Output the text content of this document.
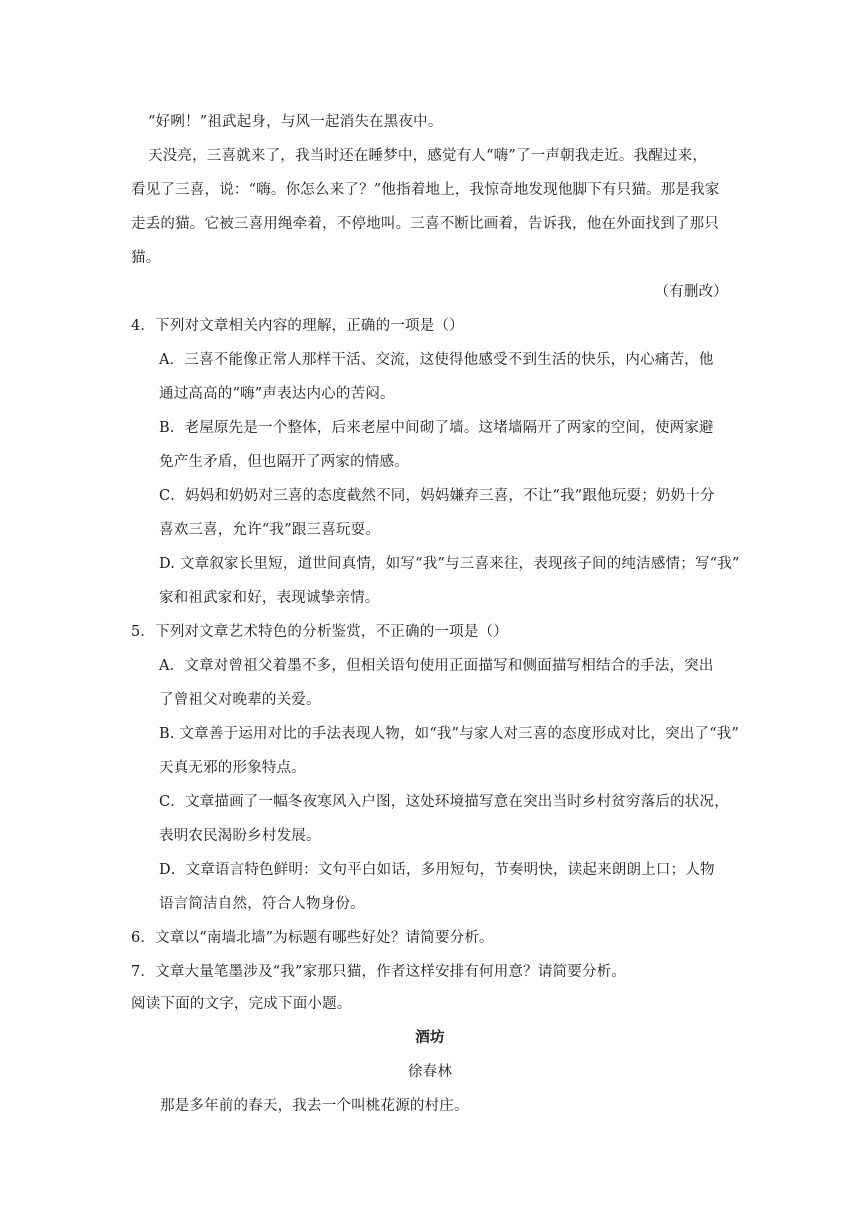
“好咧！”祖武起身，与风一起消失在黑夜中。
天没亮，三喜就来了，我当时还在睡梦中，感觉有人“嗨”了一声朝我走近。我醒过来，
看见了三喜，说：“嗨。你怎么来了？”他指着地上，我惊奇地发现他脚下有只猫。那是我家
走丢的猫。它被三喜用绳牵着，不停地叫。三喜不断比画着，告诉我，他在外面找到了那只
猫。
（有删改）
4．下列对文章相关内容的理解，正确的一项是（）
A．三喜不能像正常人那样干活、交流，这使得他感受不到生活的快乐，内心痛苦，他
通过高高的“嗨”声表达内心的苦闷。
B．老屋原先是一个整体，后来老屋中间砌了墙。这堵墙隔开了两家的空间，使两家避
免产生矛盾，但也隔开了两家的情感。
C．妈妈和奶奶对三喜的态度截然不同，妈妈嫌弃三喜，不让“我”跟他玩耍；奶奶十分
喜欢三喜，允许“我”跟三喜玩耍。
D. 文章叙家长里短，道世间真情，如写“我”与三喜来往，表现孩子间的纯洁感情；写“我”
家和祖武家和好，表现诚挚亲情。
5．下列对文章艺术特色的分析鉴赏，不正确的一项是（）
A．文章对曾祖父着墨不多，但相关语句使用正面描写和侧面描写相结合的手法，突出
了曾祖父对晚辈的关爱。
B. 文章善于运用对比的手法表现人物，如“我”与家人对三喜的态度形成对比，突出了“我”
天真无邪的形象特点。
C．文章描画了一幅冬夜寒风入户图，这处环境描写意在突出当时乡村贫穷落后的状况，
表明农民渴盼乡村发展。
D．文章语言特色鲜明：文句平白如话，多用短句，节奏明快，读起来朗朗上口；人物
语言简洁自然，符合人物身份。
6．文章以“南墙北墙”为标题有哪些好处？请简要分析。
7．文章大量笔墨涉及“我”家那只猫，作者这样安排有何用意？请简要分析。
阅读下面的文字，完成下面小题。
酒坊
徐春林
那是多年前的春天，我去一个叫桃花源的村庄。
